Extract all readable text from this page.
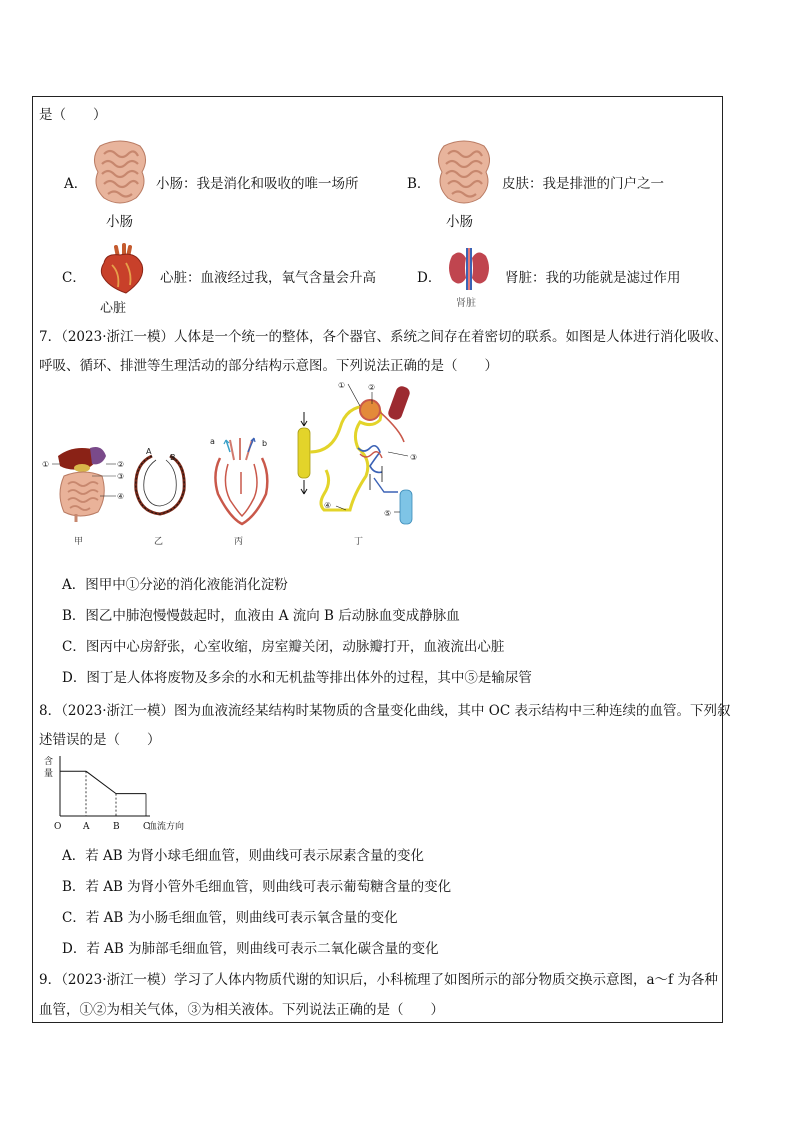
是（　　）
A．
小肠
小肠：我是消化和吸收的唯一场所	B．
小肠
皮肤：我是排泄的门户之一
C．
心脏
心脏：血液经过我，氧气含量会升高	D．
肾脏
肾脏：我的功能就是滤过作用
7．（2023·浙江一模）人体是一个统一的整体，各个器官、系统之间存在着密切的联系。如图是人体进行消化吸收、
呼吸、循环、排泄等生理活动的部分结构示意图。下列说法正确的是（　　）
①	②
③
④
甲
A
B
乙
a	b
丙
①	②
③
④
⑤
丁
A．图甲中①分泌的消化液能消化淀粉
B．图乙中肺泡慢慢鼓起时，血液由 A 流向 B 后动脉血变成静脉血
C．图丙中心房舒张，心室收缩，房室瓣关闭，动脉瓣打开，血液流出心脏
D．图丁是人体将废物及多余的水和无机盐等排出体外的过程，其中⑤是输尿管
8．（2023·浙江一模）图为血液流经某结构时某物质的含量变化曲线，其中 OC 表示结构中三种连续的血管。下列叙
述错误的是（　　）
含
量
O A	B	C
血流方向
A．若 AB 为肾小球毛细血管，则曲线可表示尿素含量的变化
B．若 AB 为肾小管外毛细血管，则曲线可表示葡萄糖含量的变化
C．若 AB 为小肠毛细血管，则曲线可表示氧含量的变化
D．若 AB 为肺部毛细血管，则曲线可表示二氧化碳含量的变化
9．（2023·浙江一模）学习了人体内物质代谢的知识后，小科梳理了如图所示的部分物质交换示意图，a～f 为各种
血管，①②为相关气体，③为相关液体。下列说法正确的是（　　）
